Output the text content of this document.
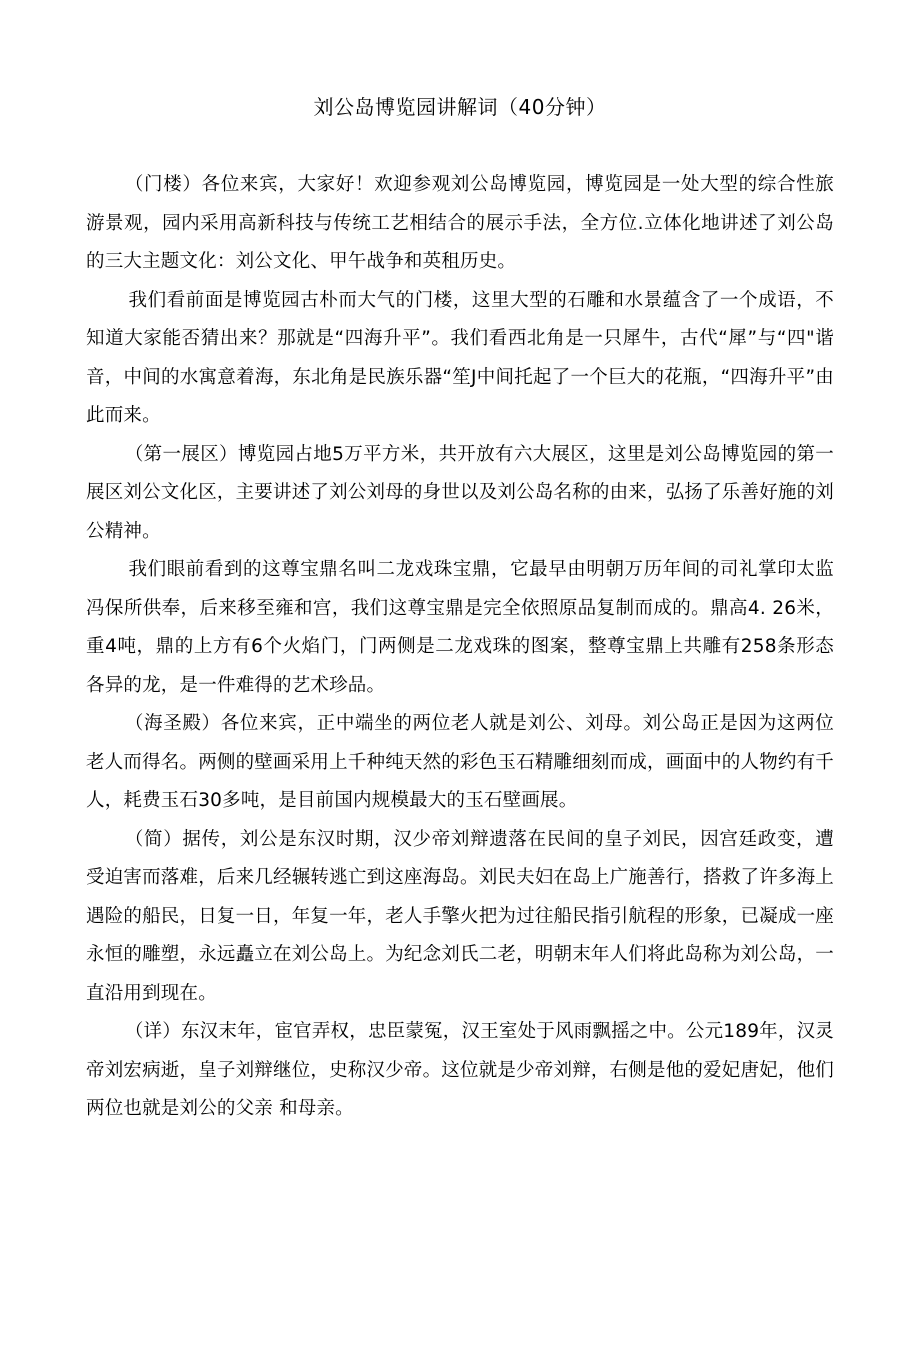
刘公岛博览园讲解词（40分钟）

（门楼）各位来宾，大家好！欢迎参观刘公岛博览园，博览园是一处大型的综合性旅游景观，园内采用高新科技与传统工艺相结合的展示手法，全方位.立体化地讲述了刘公岛的三大主题文化：刘公文化、甲午战争和英租历史。

我们看前面是博览园古朴而大气的门楼，这里大型的石雕和水景蕴含了一个成语，不知道大家能否猜出来？那就是“四海升平”。我们看西北角是一只犀牛，古代“犀”与“四"谐音，中间的水寓意着海，东北角是民族乐器“笙J中间托起了一个巨大的花瓶，“四海升平”由此而来。

（第一展区）博览园占地5万平方米，共开放有六大展区，这里是刘公岛博览园的第一展区刘公文化区，主要讲述了刘公刘母的身世以及刘公岛名称的由来，弘扬了乐善好施的刘公精神。

我们眼前看到的这尊宝鼎名叫二龙戏珠宝鼎，它最早由明朝万历年间的司礼掌印太监冯保所供奉，后来移至雍和宫，我们这尊宝鼎是完全依照原品复制而成的。鼎高4. 26米，重4吨，鼎的上方有6个火焰门，门两侧是二龙戏珠的图案，整尊宝鼎上共雕有258条形态各异的龙，是一件难得的艺术珍品。

（海圣殿）各位来宾，正中端坐的两位老人就是刘公、刘母。刘公岛正是因为这两位老人而得名。两侧的壁画采用上千种纯天然的彩色玉石精雕细刻而成，画面中的人物约有千人，耗费玉石30多吨，是目前国内规模最大的玉石壁画展。

（简）据传，刘公是东汉时期，汉少帝刘辩遗落在民间的皇子刘民，因宫廷政变，遭受迫害而落难，后来几经辗转逃亡到这座海岛。刘民夫妇在岛上广施善行，搭救了许多海上遇险的船民，日复一日，年复一年，老人手擎火把为过往船民指引航程的形象，已凝成一座永恒的雕塑，永远矗立在刘公岛上。为纪念刘氏二老，明朝末年人们将此岛称为刘公岛，一直沿用到现在。

（详）东汉末年，宦官弄权，忠臣蒙冤，汉王室处于风雨飘摇之中。公元189年，汉灵帝刘宏病逝，皇子刘辩继位，史称汉少帝。这位就是少帝刘辩，右侧是他的爱妃唐妃，他们两位也就是刘公的父亲 和母亲。
